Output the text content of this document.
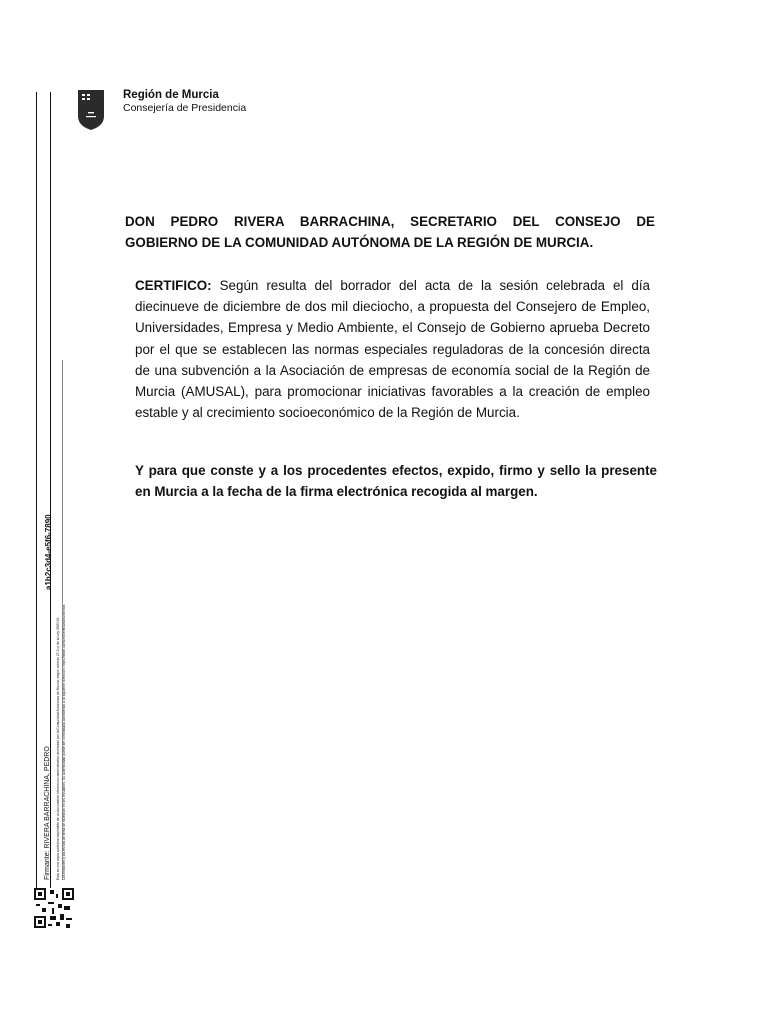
a1b2c3d4-e5f6-7890
Firmante: RIVERA BARRACHINA, PEDRO Esta es una copia auténtica imprimible de un documento electrónico administrativo archivado por la Comunidad Autónoma de Murcia, según artículo 27.3.c) de la Ley 39/2015. Los firmantes y las fechas de firma se muestran en los recuadros. Su autenticidad puede ser contrastada accediendo a la siguiente dirección: https://sede.carm.es/verificardocumentos
Región de Murcia
Consejería de Presidencia
DON PEDRO RIVERA BARRACHINA, SECRETARIO DEL CONSEJO DE
GOBIERNO DE LA COMUNIDAD AUTÓNOMA DE LA REGIÓN DE MURCIA.
CERTIFICO: Según resulta del borrador del acta de la sesión celebrada el día diecinueve de diciembre de dos mil dieciocho, a propuesta del Consejero de Empleo, Universidades, Empresa y Medio Ambiente, el Consejo de Gobierno aprueba Decreto por el que se establecen las normas especiales reguladoras de la concesión directa de una subvención a la Asociación de empresas de economía social de la Región de Murcia (AMUSAL), para promocionar iniciativas favorables a la creación de empleo estable y al crecimiento socioeconómico de la Región de Murcia.
Y para que conste y a los procedentes efectos, expido, firmo y sello la presente en Murcia a la fecha de la firma electrónica recogida al margen.
